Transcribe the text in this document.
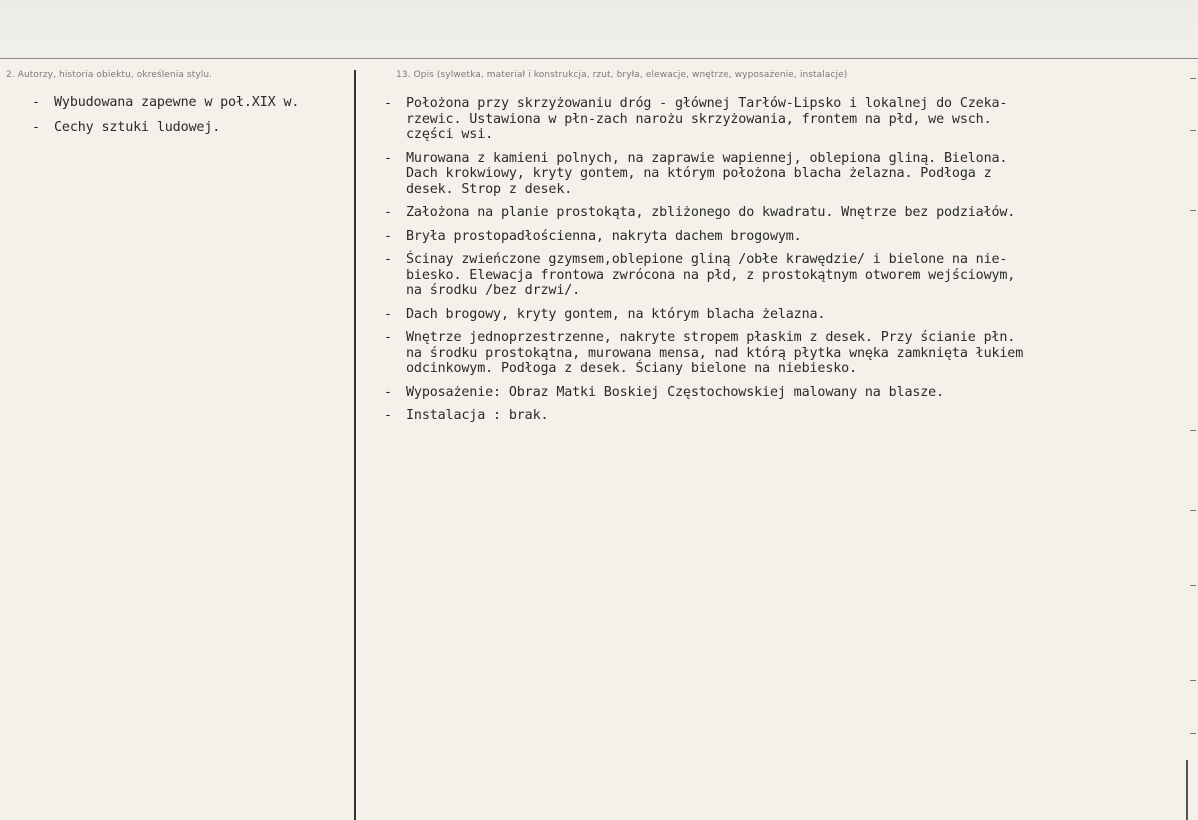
2. Autorzy, historia obiektu, określenia stylu.	13. Opis (sylwetka, materiał i konstrukcja, rzut, bryła, elewacje, wnętrze, wyposażenie, instalacje)
- Wybudowana zapewne w poł.XIX w.
- Cechy sztuki ludowej.
- Położona przy skrzyżowaniu dróg - głównej Tarłów-Lipsko i lokalnej do Czeka-
rzewic. Ustawiona w płn-zach narożu skrzyżowania, frontem na płd, we wsch.
części wsi.
- Murowana z kamieni polnych, na zaprawie wapiennej, oblepiona gliną. Bielona.
Dach krokwiowy, kryty gontem, na którym położona blacha żelazna. Podłoga z
desek. Strop z desek.
- Założona na planie prostokąta, zbliżonego do kwadratu. Wnętrze bez podziałów.
- Bryła prostopadłościenna, nakryta dachem brogowym.
- Ścinay zwieńczone gzymsem,oblepione gliną /obłe krawędzie/ i bielone na nie-
biesko. Elewacja frontowa zwrócona na płd, z prostokątnym otworem wejściowym,
na środku /bez drzwi/.
- Dach brogowy, kryty gontem, na którym blacha żelazna.
- Wnętrze jednoprzestrzenne, nakryte stropem płaskim z desek. Przy ścianie płn.
na środku prostokątna, murowana mensa, nad którą płytka wnęka zamknięta łukiem
odcinkowym. Podłoga z desek. Ściany bielone na niebiesko.
- Wyposażenie: Obraz Matki Boskiej Częstochowskiej malowany na blasze.
- Instalacja : brak.
